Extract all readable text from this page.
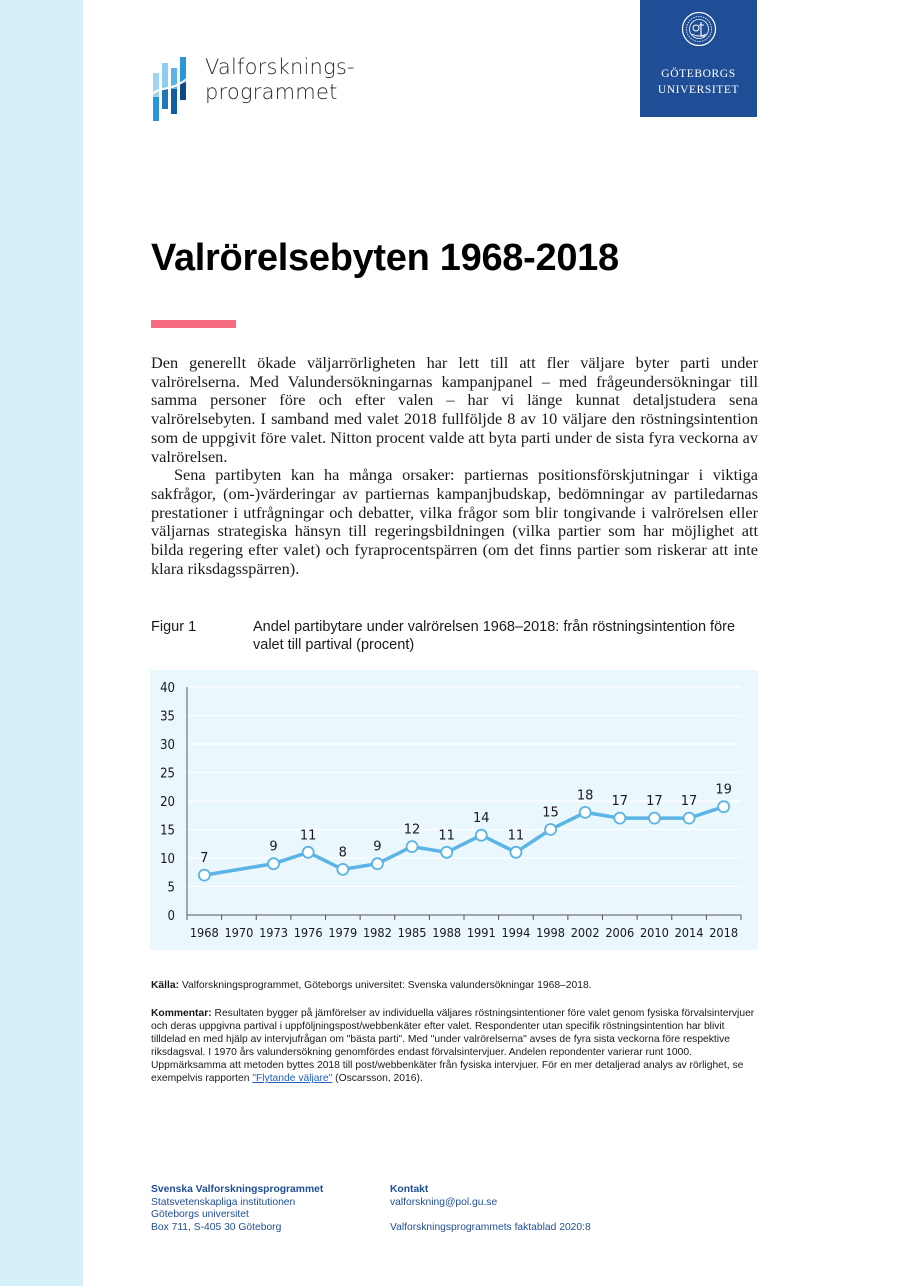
Valforsknings-
programmet
GÖTEBORGS
UNIVERSITET
Valrörelsebyten 1968-2018

Den generellt ökade väljarrörligheten har lett till att fler väljare byter parti under valrörelserna. Med Valundersökningarnas kampanjpanel – med frågeundersökningar till samma personer före och efter valen – har vi länge kunnat detaljstudera sena valrörelsebyten. I samband med valet 2018 fullföljde 8 av 10 väljare den röstningsintention som de uppgivit före valet. Nitton procent valde att byta parti under de sista fyra veckorna av valrörelsen.

Sena partibyten kan ha många orsaker: partiernas positionsförskjutningar i viktiga sakfrågor, (om-)värderingar av partiernas kampanjbudskap, bedömningar av partiledarnas prestationer i utfrågningar och debatter, vilka frågor som blir tongivande i valrörelsen eller väljarnas strategiska hänsyn till regeringsbildningen (vilka partier som har möjlighet att bilda regering efter valet) och fyraprocentspärren (om det finns partier som riskerar att inte klara riksdagsspärren).

Figur 1	Andel partibytare under valrörelsen 1968–2018: från röstningsintention före valet till partival (procent)
0
5
10
15
20
25
30
35
40
1968 1970 1973 1976 1979 1982 1985 1988 1991 1994 1998 2002 2006 2010 2014 2018
7
9
11
8 9
12 11
14
11
15
18 17 17 17
19
Källa: Valforskningsprogrammet, Göteborgs universitet: Svenska valundersökningar 1968–2018.
Kommentar: Resultaten bygger på jämförelser av individuella väljares röstningsintentioner före valet genom fysiska förvalsintervjuer och deras uppgivna partival i uppföljningspost/webbenkäter efter valet. Respondenter utan specifik röstningsintention har blivit tilldelad en med hjälp av intervjufrågan om "bästa parti". Med "under valrörelserna" avses de fyra sista veckorna före respektive riksdagsval. I 1970 års valundersökning genomfördes endast förvalsintervjuer. Andelen repondenter varierar runt 1000. Uppmärksamma att metoden byttes 2018 till post/webbenkäter från fysiska intervjuer. För en mer detaljerad analys av rörlighet, se exempelvis rapporten "Flytande väljare" (Oscarsson, 2016).
Svenska Valforskningsprogrammet
Statsvetenskapliga institutionen
Göteborgs universitet
Box 711, S-405 30 Göteborg
Kontakt
valforskning@pol.gu.se
Valforskningsprogrammets faktablad 2020:8
